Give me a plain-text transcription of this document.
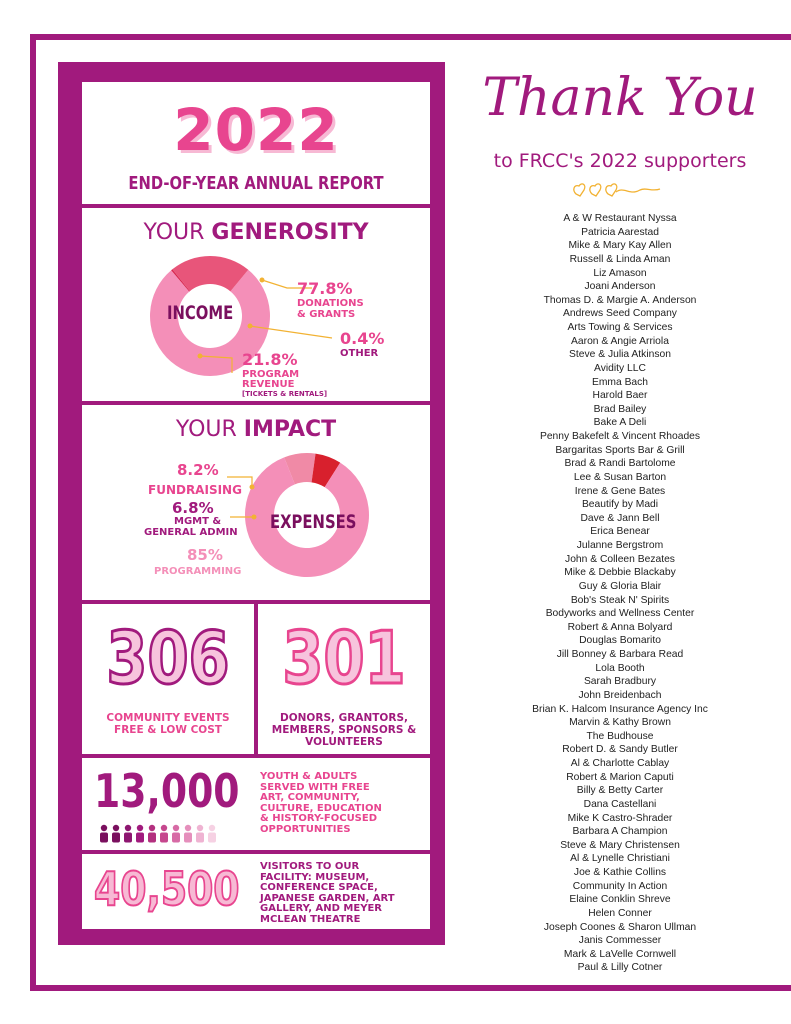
2022
END-OF-YEAR ANNUAL REPORT
YOUR GENEROSITY
INCOME
77.8%
DONATIONS
& GRANTS
0.4%
OTHER
21.8%
PROGRAM
REVENUE
[TICKETS & RENTALS]
YOUR IMPACT
EXPENSES
8.2%
FUNDRAISING
6.8%
MGMT &
GENERAL ADMIN
85%
PROGRAMMING
306
COMMUNITY EVENTS
FREE & LOW COST
301
DONORS, GRANTORS,
MEMBERS, SPONSORS &
VOLUNTEERS
13,000 YOUTH & ADULTS
SERVED WITH FREE
ART, COMMUNITY,
CULTURE, EDUCATION
& HISTORY-FOCUSED
OPPORTUNITIES
40,500 VISITORS TO OUR
FACILITY: MUSEUM,
CONFERENCE SPACE,
JAPANESE GARDEN, ART
GALLERY, AND MEYER
MCLEAN THEATRE
Thank You
to FRCC's 2022 supporters
A & W Restaurant Nyssa
Patricia Aarestad
Mike & Mary Kay Allen
Russell & Linda Aman
Liz Amason
Joani Anderson
Thomas D. & Margie A. Anderson
Andrews Seed Company
Arts Towing & Services
Aaron & Angie Arriola
Steve & Julia Atkinson
Avidity LLC
Emma Bach
Harold Baer
Brad Bailey
Bake A Deli
Penny Bakefelt & Vincent Rhoades
Bargaritas Sports Bar & Grill
Brad & Randi Bartolome
Lee & Susan Barton
Irene & Gene Bates
Beautify by Madi
Dave & Jann Bell
Erica Benear
Julanne Bergstrom
John & Colleen Bezates
Mike & Debbie Blackaby
Guy & Gloria Blair
Bob's Steak N' Spirits
Bodyworks and Wellness Center
Robert & Anna Bolyard
Douglas Bomarito
Jill Bonney & Barbara Read
Lola Booth
Sarah Bradbury
John Breidenbach
Brian K. Halcom Insurance Agency Inc
Marvin & Kathy Brown
The Budhouse
Robert D. & Sandy Butler
Al & Charlotte Cablay
Robert & Marion Caputi
Billy & Betty Carter
Dana Castellani
Mike K Castro-Shrader
Barbara A Champion
Steve & Mary Christensen
Al & Lynelle Christiani
Joe & Kathie Collins
Community In Action
Elaine Conklin Shreve
Helen Conner
Joseph Coones & Sharon Ullman
Janis Commesser
Mark & LaVelle Cornwell
Paul & Lilly Cotner
